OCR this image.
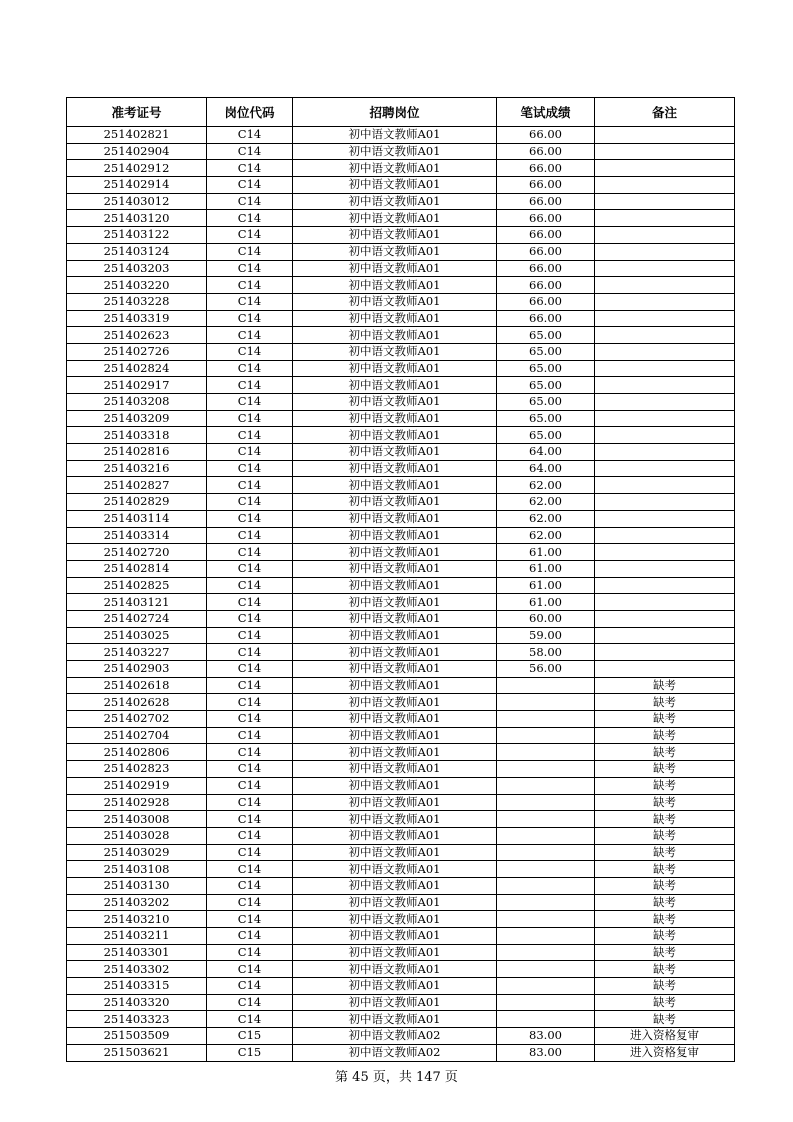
准考证号	岗位代码	招聘岗位	笔试成绩	备注
251402821	C14	初中语文教师A01	66.00	
251402904	C14	初中语文教师A01	66.00	
251402912	C14	初中语文教师A01	66.00	
251402914	C14	初中语文教师A01	66.00	
251403012	C14	初中语文教师A01	66.00	
251403120	C14	初中语文教师A01	66.00	
251403122	C14	初中语文教师A01	66.00	
251403124	C14	初中语文教师A01	66.00	
251403203	C14	初中语文教师A01	66.00	
251403220	C14	初中语文教师A01	66.00	
251403228	C14	初中语文教师A01	66.00	
251403319	C14	初中语文教师A01	66.00	
251402623	C14	初中语文教师A01	65.00	
251402726	C14	初中语文教师A01	65.00	
251402824	C14	初中语文教师A01	65.00	
251402917	C14	初中语文教师A01	65.00	
251403208	C14	初中语文教师A01	65.00	
251403209	C14	初中语文教师A01	65.00	
251403318	C14	初中语文教师A01	65.00	
251402816	C14	初中语文教师A01	64.00	
251403216	C14	初中语文教师A01	64.00	
251402827	C14	初中语文教师A01	62.00	
251402829	C14	初中语文教师A01	62.00	
251403114	C14	初中语文教师A01	62.00	
251403314	C14	初中语文教师A01	62.00	
251402720	C14	初中语文教师A01	61.00	
251402814	C14	初中语文教师A01	61.00	
251402825	C14	初中语文教师A01	61.00	
251403121	C14	初中语文教师A01	61.00	
251402724	C14	初中语文教师A01	60.00	
251403025	C14	初中语文教师A01	59.00	
251403227	C14	初中语文教师A01	58.00	
251402903	C14	初中语文教师A01	56.00	
251402618	C14	初中语文教师A01		缺考
251402628	C14	初中语文教师A01		缺考
251402702	C14	初中语文教师A01		缺考
251402704	C14	初中语文教师A01		缺考
251402806	C14	初中语文教师A01		缺考
251402823	C14	初中语文教师A01		缺考
251402919	C14	初中语文教师A01		缺考
251402928	C14	初中语文教师A01		缺考
251403008	C14	初中语文教师A01		缺考
251403028	C14	初中语文教师A01		缺考
251403029	C14	初中语文教师A01		缺考
251403108	C14	初中语文教师A01		缺考
251403130	C14	初中语文教师A01		缺考
251403202	C14	初中语文教师A01		缺考
251403210	C14	初中语文教师A01		缺考
251403211	C14	初中语文教师A01		缺考
251403301	C14	初中语文教师A01		缺考
251403302	C14	初中语文教师A01		缺考
251403315	C14	初中语文教师A01		缺考
251403320	C14	初中语文教师A01		缺考
251403323	C14	初中语文教师A01		缺考
251503509	C15	初中语文教师A02	83.00	进入资格复审
251503621	C15	初中语文教师A02	83.00	进入资格复审
第 45 页，共 147 页
